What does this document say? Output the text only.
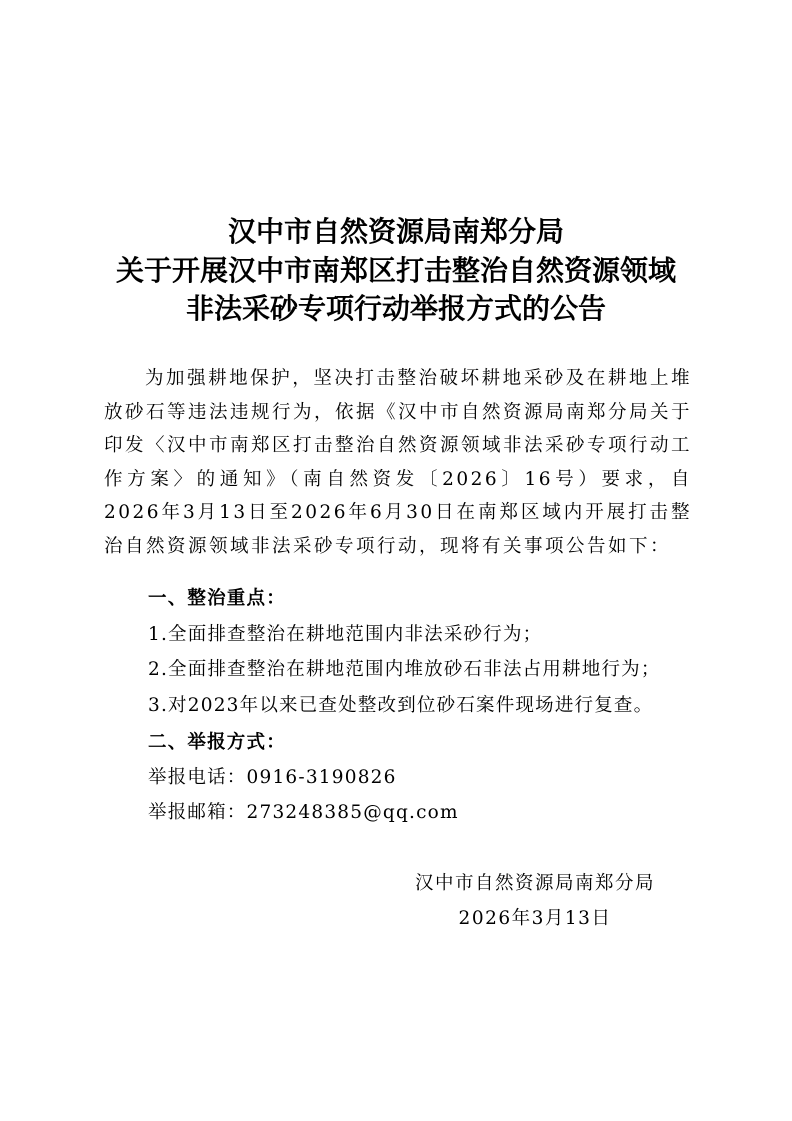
汉中市自然资源局南郑分局
关于开展汉中市南郑区打击整治自然资源领域
非法采砂专项行动举报方式的公告
为加强耕地保护，坚决打击整治破坏耕地采砂及在耕地上堆放砂石等违法违规行为，依据《汉中市自然资源局南郑分局关于印发〈汉中市南郑区打击整治自然资源领域非法采砂专项行动工作方案〉的通知》（南自然资发〔2026〕16号）要求，自2026年3月13日至2026年6月30日在南郑区域内开展打击整治自然资源领域非法采砂专项行动，现将有关事项公告如下：
一、整治重点：
1.全面排查整治在耕地范围内非法采砂行为；
2.全面排查整治在耕地范围内堆放砂石非法占用耕地行为；
3.对2023年以来已查处整改到位砂石案件现场进行复查。
二、举报方式：
举报电话：0916-3190826
举报邮箱：273248385@qq.com
汉中市自然资源局南郑分局
2026年3月13日
